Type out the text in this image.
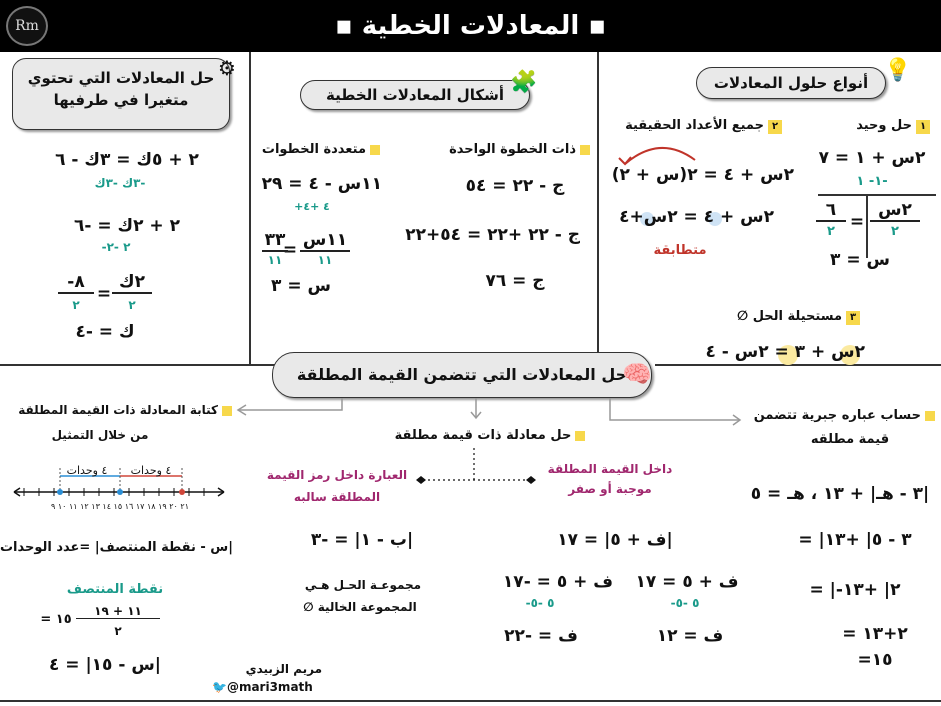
▪ المعادلات الخطية ▪
Rm
أنواع حلول المعادلات 💡
١حل وحيد
٢س + ١ = ٧
١- ١-
٢س
٢
=
٦
٢
س = ٣
٢جميع الأعداد الحقيقية
٢س + ٤ = ٢(س + ٢)
٢س + ٤ = ٢س+٤
متطابقة
٣مستحيلة الحل ∅
٢س + ٣ = ٢س - ٤
أشكال المعادلات الخطية 🧩
ذات الخطوة الواحدة
ج - ٢٢ = ٥٤
ج - ٢٢ +٢٢ = ٥٤+٢٢
ج = ٧٦
متعددة الخطوات
١١س - ٤ = ٢٩
+٤ +٤
١١س
١١
=
٣٣
١١
س = ٣
حل المعادلات التي تحتوي
متغيرا في طرفيها
⚙
٢ + ٥ك = ٣ك - ٦
-٣ك -٣ك
٢ + ٢ك = -٦
-٢ -٢
٢ك
٢
=
-٨
٢
ك = -٤
حل المعادلات التي تتضمن القيمة المطلقة
🧠
كتابة المعادلة ذات القيمة المطلقة
من خلال التمثيل	حل معادلة ذات قيمة مطلقة
حساب عباره جبرية تتضمن
قيمة مطلقه
٤ وحدات	٤ وحدات
٢١ ٢٠ ١٩ ١٨ ١٧ ١٦ ١٥ ١٤ ١٣ ١٢ ١١ ١٠ ٩
|س - نقطة المنتصف| =عدد الوحدات
نقطة المنتصف
١١ + ١٩
٢
= ١٥
|س - ١٥| = ٤
داخل القيمة المطلقة
موجبة أو صفر
العبارة داخل رمز القيمة
المطلقة سالبه
|ف + ٥| = ١٧
ف + ٥ = ١٧
ف + ٥ = -١٧
-٥ -٥
-٥ -٥
ف = ١٢
ف = -٢٢
|ب - ١| = -٣
مجموعـة الحـل هـي
المجموعة الخالية ∅
|٣ - هـ| + ١٣ ، هـ = ٥
= |٣ - ٥| +١٣
= |-٢| +١٣
= ٢+١٣
=١٥
مريم الزبيدي
🐦@mari3math
